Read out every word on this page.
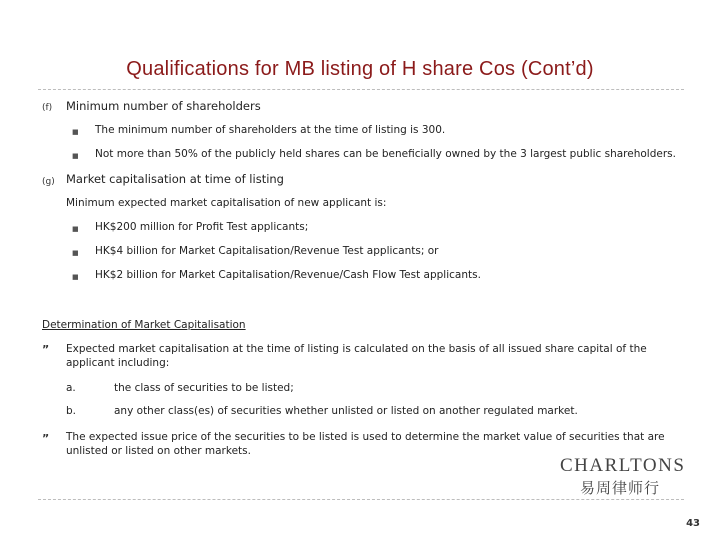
Qualifications for MB listing of H share Cos (Cont’d)
(f) Minimum number of shareholders
■ The minimum number of shareholders at the time of listing is 300.
■ Not more than 50% of the publicly held shares can be beneficially owned by the 3 largest public shareholders.
(g) Market capitalisation at time of listing
Minimum expected market capitalisation of new applicant is:
■ HK$200 million for Profit Test applicants;
■ HK$4 billion for Market Capitalisation/Revenue Test applicants; or
■ HK$2 billion for Market Capitalisation/Revenue/Cash Flow Test applicants.
Determination of Market Capitalisation
” Expected market capitalisation at the time of listing is calculated on the basis of all issued share capital of the
applicant including:
a.	the class of securities to be listed;
b.	any other class(es) of securities whether unlisted or listed on another regulated market.
” The expected issue price of the securities to be listed is used to determine the market value of securities that are
unlisted or listed on other markets.
CHARLTONS
易周律师行
43
